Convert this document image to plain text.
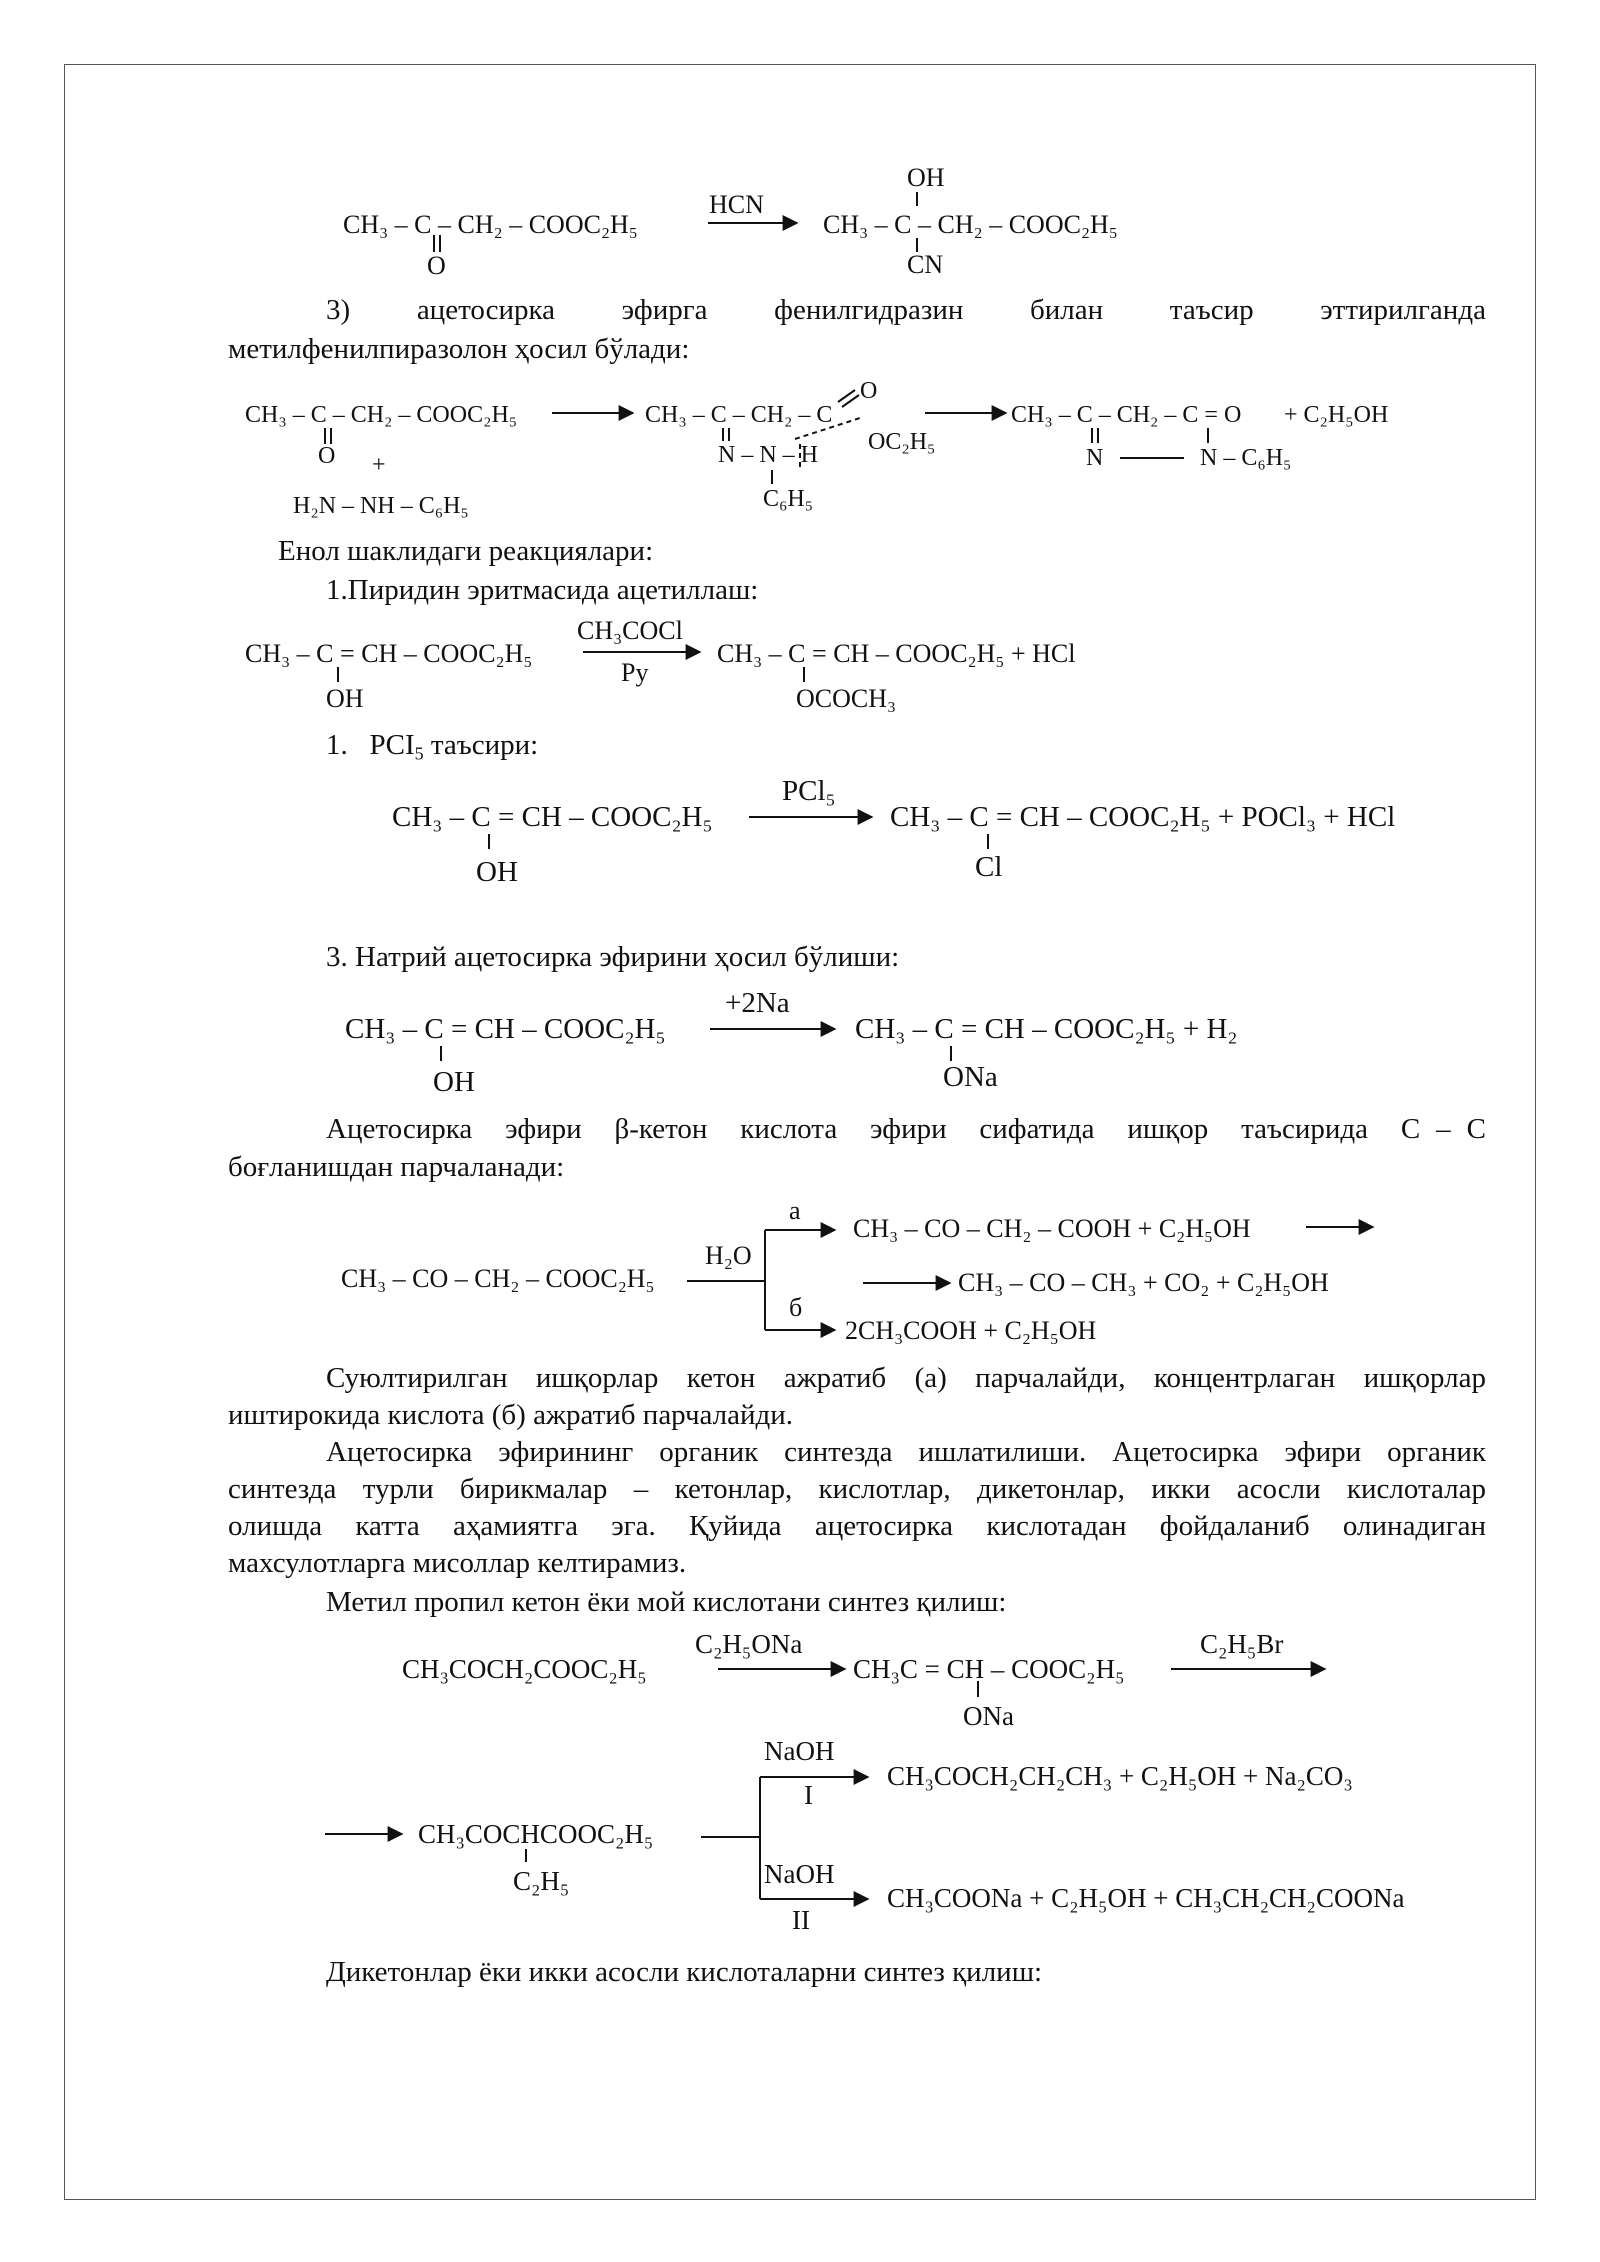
CH₃ – C – CH₂ – COOC₂H₅
O
HCN
OH
CH₃ – C – CH₂ – COOC₂H₅
CN
3) ацетосирка эфирга фенилгидразин билан таъсир эттирилганда
метилфенилпиразолон ҳосил бўлади:
CH₃ – C – CH₂ – COOC₂H₅
O +
H₂N – NH – C₆H₅
CH₃ – C – CH₂ – C
O
OC₂H₅
N – N – H
C₆H₅
CH₃ – C – CH₂ – C = O
N	N – C₆H₅
+ C₂H₅OH
Енол шаклидаги реакциялари:
1.Пиридин эритмасида ацетиллаш:
CH₃ – C = CH – COOC₂H₅
OH
CH₃COCl
Py
CH₃ – C = CH – COOC₂H₅ + HCl
OCOCH₃
1. $PCI_5$ таъсири:
CH₃ – C = CH – COOC₂H₅
OH
PCl₅
CH₃ – C = CH – COOC₂H₅ + POCl₃ + HCl
Cl
3. Натрий ацетосирка эфирини ҳосил бўлиши:
CH₃ – C = CH – COOC₂H₅
OH
+2Na
CH₃ – C = CH – COOC₂H₅ + H₂
ONa
Ацетосирка эфири β-кетон кислота эфири сифатида ишқор таъсирида C – C
боғланишдан парчаланади:
CH₃ – CO – CH₂ – COOC₂H₅
H₂O
а
б
CH₃ – CO – CH₂ – COOH + C₂H₅OH
CH₃ – CO – CH₃ + CO₂ + C₂H₅OH
2CH₃COOH + C₂H₅OH
Суюлтирилган ишқорлар кетон ажратиб (а) парчалайди, концентрлаган ишқорлар
иштирокида кислота (б) ажратиб парчалайди.
Ацетосирка эфирининг органик синтезда ишлатилиши. Ацетосирка эфири органик
синтезда турли бирикмалар – кетонлар, кислотлар, дикетонлар, икки асосли кислоталар
олишда катта аҳамиятга эга. Қуйида ацетосирка кислотадан фойдаланиб олинадиган
махсулотларга мисоллар келтирамиз.
Метил пропил кетон ёки мой кислотани синтез қилиш:
CH₃COCH₂COOC₂H₅
C₂H₅ONa
CH₃C = CH – COOC₂H₅
ONa
C₂H₅Br
CH₃COCHCOOC₂H₅
C₂H₅
NaOH
I
CH₃COCH₂CH₂CH₃ + C₂H₅OH + Na₂CO₃
NaOH
II
CH₃COONa + C₂H₅OH + CH₃CH₂CH₂COONa
Дикетонлар ёки икки асосли кислоталарни синтез қилиш:
